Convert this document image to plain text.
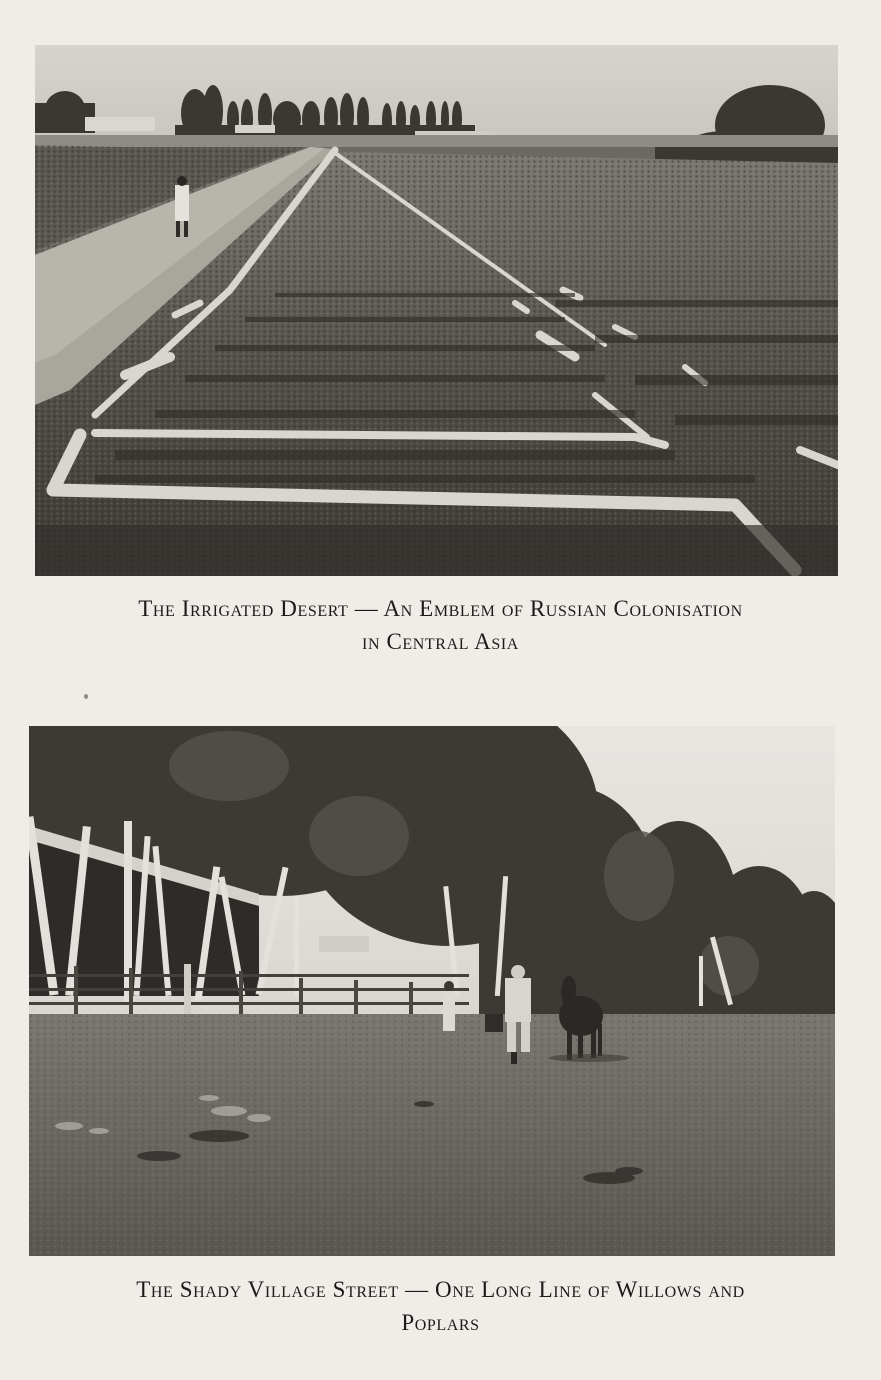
The Irrigated Desert — An Emblem of Russian Colonisation
in Central Asia

The Shady Village Street — One Long Line of Willows and
Poplars
